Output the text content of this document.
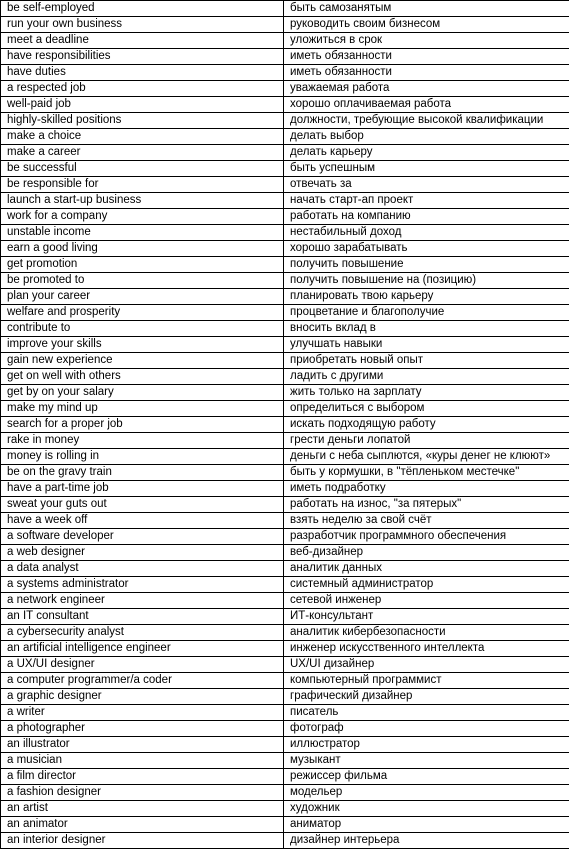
be self-employed	быть самозанятым
run your own business	руководить своим бизнесом
meet a deadline	уложиться в срок
have responsibilities	иметь обязанности
have duties	иметь обязанности
a respected job	уважаемая работа
well-paid job	хорошо оплачиваемая работа
highly-skilled positions	должности, требующие высокой квалификации
make a choice	делать выбор
make a career	делать карьеру
be successful	быть успешным
be responsible for	отвечать за
launch a start-up business	начать старт-ап проект
work for a company	работать на компанию
unstable income	нестабильный доход
earn a good living	хорошо зарабатывать
get promotion	получить повышение
be promoted to	получить повышение на (позицию)
plan your career	планировать твою карьеру
welfare and prosperity	процветание и благополучие
contribute to	вносить вклад в
improve your skills	улучшать навыки
gain new experience	приобретать новый опыт
get on well with others	ладить с другими
get by on your salary	жить только на зарплату
make my mind up	определиться с выбором
search for a proper job	искать подходящую работу
rake in money	грести деньги лопатой
money is rolling in	деньги с неба сыплются, «куры денег не клюют»
be on the gravy train	быть у кормушки, в "тёпленьком местечке"
have a part-time job	иметь подработку
sweat your guts out	работать на износ, "за пятерых"
have a week off	взять неделю за свой счёт
a software developer	разработчик программного обеспечения
a web designer	веб-дизайнер
a data analyst	аналитик данных
a systems administrator	системный администратор
a network engineer	сетевой инженер
an IT consultant	ИТ-консультант
a cybersecurity analyst	аналитик кибербезопасности
an artificial intelligence engineer	инженер искусственного интеллекта
a UX/UI designer	UX/UI дизайнер
a computer programmer/a coder	компьютерный программист
a graphic designer	графический дизайнер
a writer	писатель
a photographer	фотограф
an illustrator	иллюстратор
a musician	музыкант
a film director	режиссер фильма
a fashion designer	модельер
an artist	художник
an animator	аниматор
an interior designer	дизайнер интерьера
